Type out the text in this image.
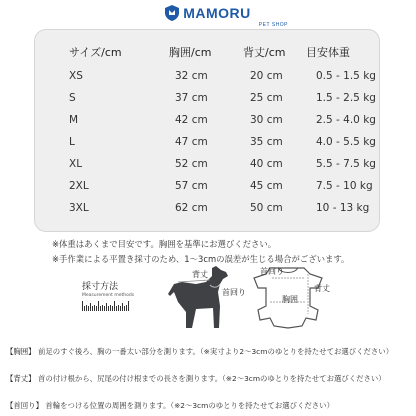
MAMORU
PET SHOP
サイズ/cm	胸囲/cm	背丈/cm 目安体重
XS	32 cm	20 cm	0.5 - 1.5 kg
S	37 cm	25 cm	1.5 - 2.5 kg
M	42 cm	30 cm	2.5 - 4.0 kg
L	47 cm	35 cm	4.0 - 5.5 kg
XL	52 cm	40 cm	5.5 - 7.5 kg
2XL	57 cm	45 cm	7.5 - 10 kg
3XL	62 cm	50 cm	10 - 13 kg
※体重はあくまで目安です。胸囲を基準にお選びください。
※手作業による平置き採寸のため、1〜3cmの誤差が生じる場合がございます。
採寸方法
Measurement methods
背丈
首回り
首回り
胸囲
背丈
【胸囲】 前足のすぐ後ろ、胸の一番太い部分を測ります。（※実寸より2〜3cmのゆとりを持たせてお選びください）
【背丈】 首の付け根から、尻尾の付け根までの長さを測ります。（※2〜3cmのゆとりを持たせてお選びください）
【首回り】 首輪をつける位置の周囲を測ります。（※2〜3cmのゆとりを持たせてお選びください）
